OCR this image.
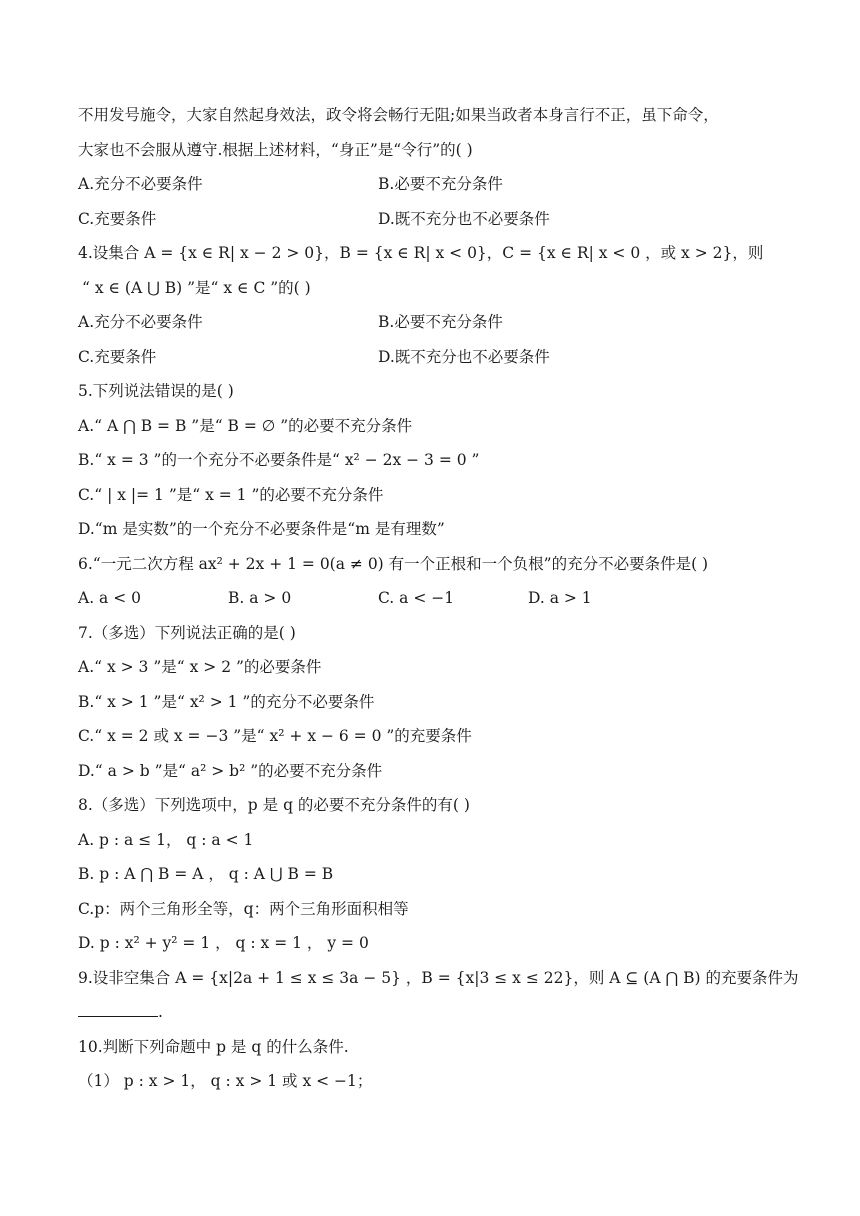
不用发号施令，大家自然起身效法，政令将会畅行无阻;如果当政者本身言行不正，虽下命令，
大家也不会服从遵守.根据上述材料，“身正”是“令行”的( )
A.充分不必要条件	B.必要不充分条件
C.充要条件	D.既不充分也不必要条件
4.设集合 A = {x ∈ R| x − 2 > 0}，B = {x ∈ R| x < 0}，C = {x ∈ R| x < 0 ，或 x > 2}，则
“ x ∈ (A ⋃ B) ”是“ x ∈ C ”的( )
A.充分不必要条件	B.必要不充分条件
C.充要条件	D.既不充分也不必要条件
5.下列说法错误的是( )
A.“ A ⋂ B = B ”是“ B = ∅ ”的必要不充分条件
B.“ x = 3 ”的一个充分不必要条件是“ x² − 2x − 3 = 0 ”
C.“ | x |= 1 ”是“ x = 1 ”的必要不充分条件
D.“m 是实数”的一个充分不必要条件是“m 是有理数”
6.“一元二次方程 ax² + 2x + 1 = 0(a ≠ 0) 有一个正根和一个负根”的充分不必要条件是( )
A. a < 0	B. a > 0	C. a < −1	D. a > 1
7.（多选）下列说法正确的是( )
A.“ x > 3 ”是“ x > 2 ”的必要条件
B.“ x > 1 ”是“ x² > 1 ”的充分不必要条件
C.“ x = 2 或 x = −3 ”是“ x² + x − 6 = 0 ”的充要条件
D.“ a > b ”是“ a² > b² ”的必要不充分条件
8.（多选）下列选项中，p 是 q 的必要不充分条件的有( )
A. p : a ≤ 1， q : a < 1
B. p : A ⋂ B = A ， q : A ⋃ B = B
C.p：两个三角形全等，q：两个三角形面积相等
D. p : x² + y² = 1 ， q : x = 1 ， y = 0
9.设非空集合 A = {x|2a + 1 ≤ x ≤ 3a − 5} ，B = {x|3 ≤ x ≤ 22}，则 A ⊆ (A ⋂ B) 的充要条件为
.
10.判断下列命题中 p 是 q 的什么条件.
（1） p : x > 1， q : x > 1 或 x < −1；
